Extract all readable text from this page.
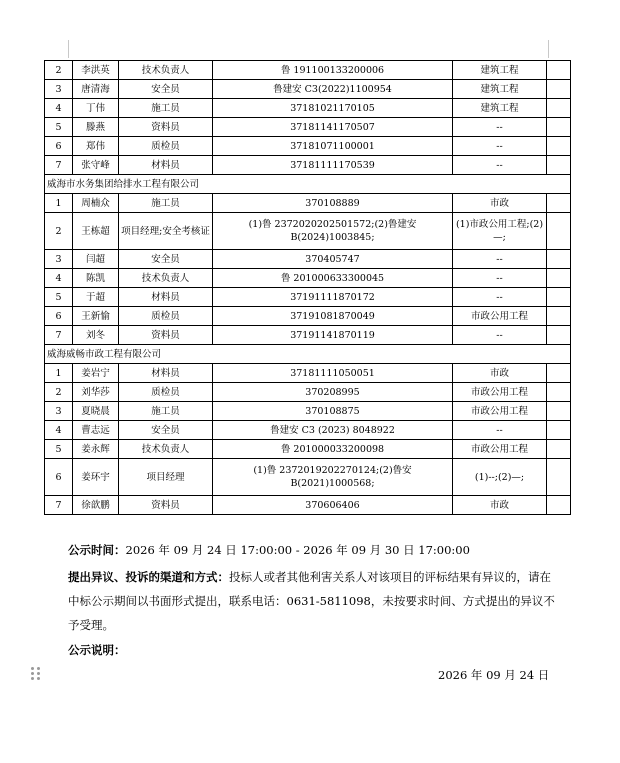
2	李洪英	技术负责人	鲁 191100133200006	建筑工程	
3	唐清海	安全员	鲁建安 C3(2022)1100954	建筑工程	
4	丁伟	施工员	37181021170105	建筑工程	
5	滕燕	资料员	37181141170507	--	
6	郑伟	质检员	37181071100001	--	
7	张守峰	材料员	37181111170539	--	
威海市水务集团给排水工程有限公司					
1	周楠众	施工员	370108889	市政	
2	王栋超	项目经理;安全考核证	(1)鲁 2372020202501572;(2)鲁建安 B(2024)1003845;	(1)市政公用工程;(2)—;	
3	闫超	安全员	370405747	--	
4	陈凯	技术负责人	鲁 201000633300045	--	
5	于超	材料员	37191111870172	--	
6	王新愉	质检员	37191081870049	市政公用工程	
7	刘冬	资料员	37191141870119	--	
威海威畅市政工程有限公司					
1	姜岩宁	材料员	37181111050051	市政	
2	刘华莎	质检员	370208995	市政公用工程	
3	夏晓晨	施工员	370108875	市政公用工程	
4	曹志远	安全员	鲁建安 C3 (2023) 8048922	--	
5	姜永辉	技术负责人	鲁 201000033200098	市政公用工程	
6	姜环宇	项目经理	(1)鲁 2372019202270124;(2)鲁安 B(2021)1000568;	(1)--;(2)—;	
7	徐歆鹏	资料员	370606406	市政	
公示时间：2026 年 09 月 24 日 17:00:00 - 2026 年 09 月 30 日 17:00:00
提出异议、投诉的渠道和方式：投标人或者其他利害关系人对该项目的评标结果有异议的，请在中标公示期间以书面形式提出，联系电话：0631-5811098，未按要求时间、方式提出的异议不予受理。
公示说明：
2026 年 09 月 24 日
